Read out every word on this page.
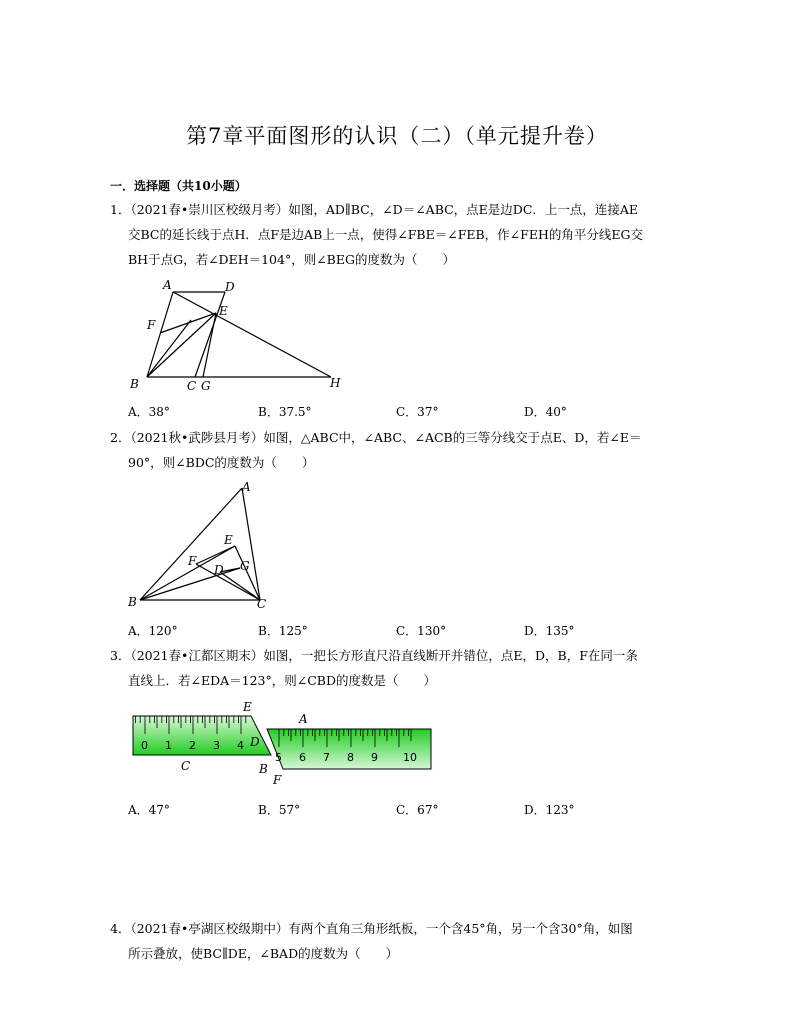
第7章平面图形的认识（二）（单元提升卷）
一．选择题（共10小题）
1．（2021春•崇川区校级月考）如图，AD∥BC，∠D＝∠ABC，点E是边DC．上一点，连接AE
交BC的延长线于点H．点F是边AB上一点，使得∠FBE＝∠FEB，作∠FEH的角平分线EG交
BH于点G，若∠DEH＝104°，则∠BEG的度数为（　　）
A	D
F
E
B	C G	H
A．38°	B．37.5°	C．37°	D．40°
2．（2021秋•武陟县月考）如图，△ABC中，∠ABC、∠ACB的三等分线交于点E、D，若∠E＝
90°，则∠BDC的度数为（　　）
A
E
F
D G
B	C
A．120°	B．125°	C．130°	D．135°
3．（2021春•江都区期末）如图，一把长方形直尺沿直线断开并错位，点E，D，B，F在同一条
直线上．若∠EDA＝123°，则∠CBD的度数是（　　）
0 1 2 3 4
5 6 7 8 9 10
E
A
D
C	B
F
A．47°	B．57°	C．67°	D．123°
4．（2021春•亭湖区校级期中）有两个直角三角形纸板，一个含45°角，另一个含30°角，如图
所示叠放，使BC∥DE，∠BAD的度数为（　　）
